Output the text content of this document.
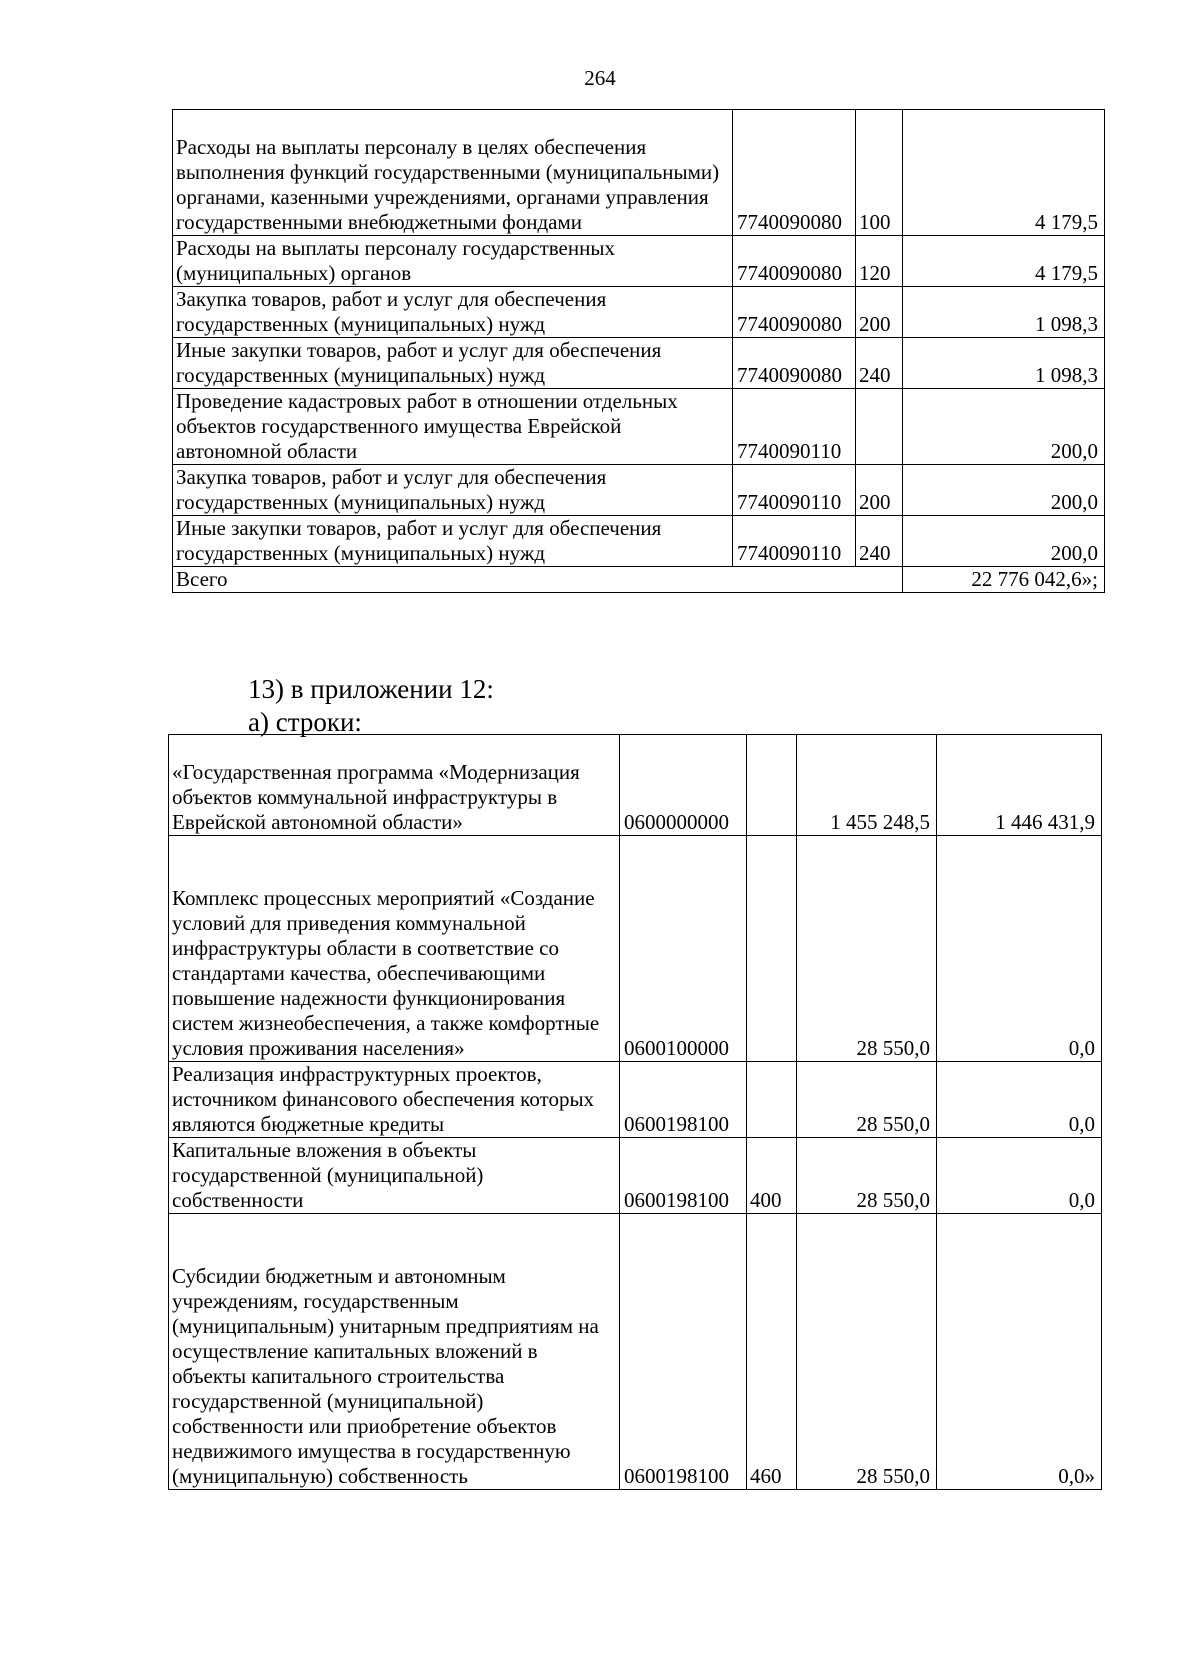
264
Расходы на выплаты персоналу в целях обеспечения выполнения функций государственными (муниципальными) органами, казенными учреждениями, органами управления государственными внебюджетными фондами	7740090080	100	4 179,5
Расходы на выплаты персоналу государственных (муниципальных) органов	7740090080	120	4 179,5
Закупка товаров, работ и услуг для обеспечения государственных (муниципальных) нужд	7740090080	200	1 098,3
Иные закупки товаров, работ и услуг для обеспечения государственных (муниципальных) нужд	7740090080	240	1 098,3
Проведение кадастровых работ в отношении отдельных объектов государственного имущества Еврейской автономной области	7740090110		200,0
Закупка товаров, работ и услуг для обеспечения государственных (муниципальных) нужд	7740090110	200	200,0
Иные закупки товаров, работ и услуг для обеспечения государственных (муниципальных) нужд	7740090110	240	200,0
Всего			22 776 042,6»;
13) в приложении 12:
а) строки:
«Государственная программа «Модернизация объектов коммунальной инфраструктуры в Еврейской автономной области»	0600000000		1 455 248,5	1 446 431,9
Комплекс процессных мероприятий «Создание условий для приведения коммунальной инфраструктуры области в соответствие со стандартами качества, обеспечивающими повышение надежности функционирования систем жизнеобеспечения, а также комфортные условия проживания населения»	0600100000		28 550,0	0,0
Реализация инфраструктурных проектов, источником финансового обеспечения которых являются бюджетные кредиты	0600198100		28 550,0	0,0
Капитальные вложения в объекты государственной (муниципальной) собственности	0600198100	400	28 550,0	0,0
Субсидии бюджетным и автономным учреждениям, государственным (муниципальным) унитарным предприятиям на осуществление капитальных вложений в объекты капитального строительства государственной (муниципальной) собственности или приобретение объектов недвижимого имущества в государственную (муниципальную) собственность	0600198100	460	28 550,0	0,0»
